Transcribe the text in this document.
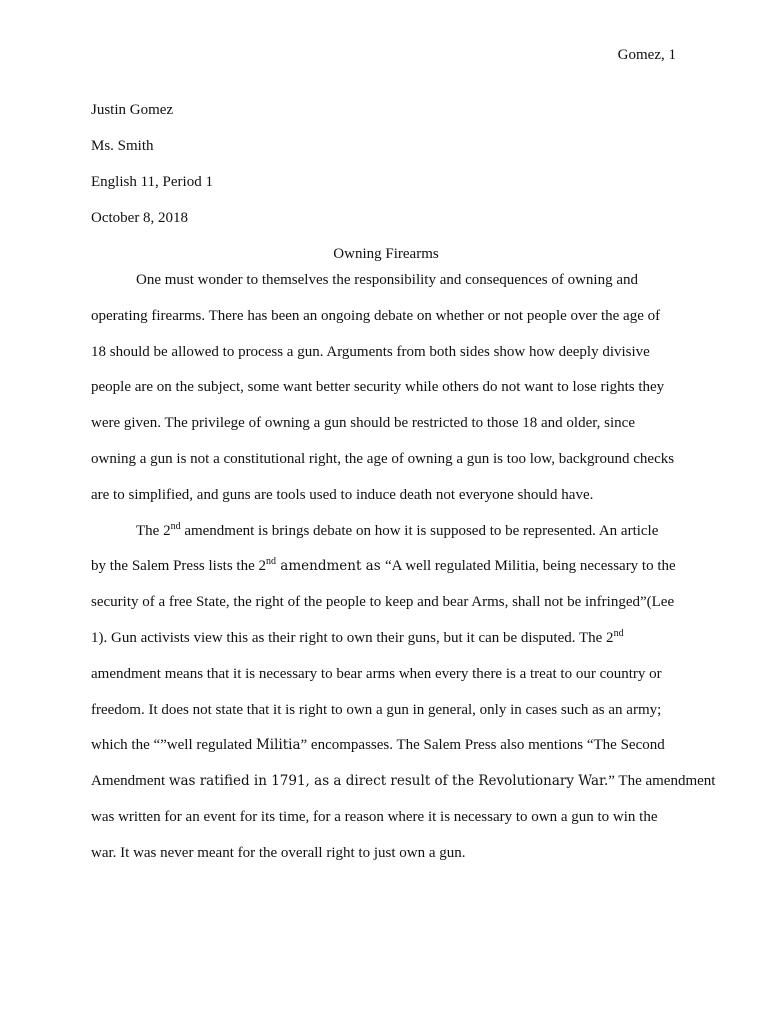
Gomez, 1
Justin Gomez
Ms. Smith
English 11, Period 1
October 8, 2018
Owning Firearms
One must wonder to themselves the responsibility and consequences of owning and
operating firearms. There has been an ongoing debate on whether or not people over the age of
18 should be allowed to process a gun. Arguments from both sides show how deeply divisive
people are on the subject, some want better security while others do not want to lose rights they
were given. The privilege of owning a gun should be restricted to those 18 and older, since
owning a gun is not a constitutional right, the age of owning a gun is too low, background checks
are to simplified, and guns are tools used to induce death not everyone should have.
The 2nd amendment is brings debate on how it is supposed to be represented. An article
by the Salem Press lists the 2nd amendment as “A well regulated Militia, being necessary to the
security of a free State, the right of the people to keep and bear Arms, shall not be infringed”(Lee
1). Gun activists view this as their right to own their guns, but it can be disputed. The 2nd
amendment means that it is necessary to bear arms when every there is a treat to our country or
freedom. It does not state that it is right to own a gun in general, only in cases such as an army;
which the “”well regulated Militia” encompasses. The Salem Press also mentions “The Second
Amendment was ratified in 1791, as a direct result of the Revolutionary War.” The amendment
was written for an event for its time, for a reason where it is necessary to own a gun to win the
war. It was never meant for the overall right to just own a gun.
